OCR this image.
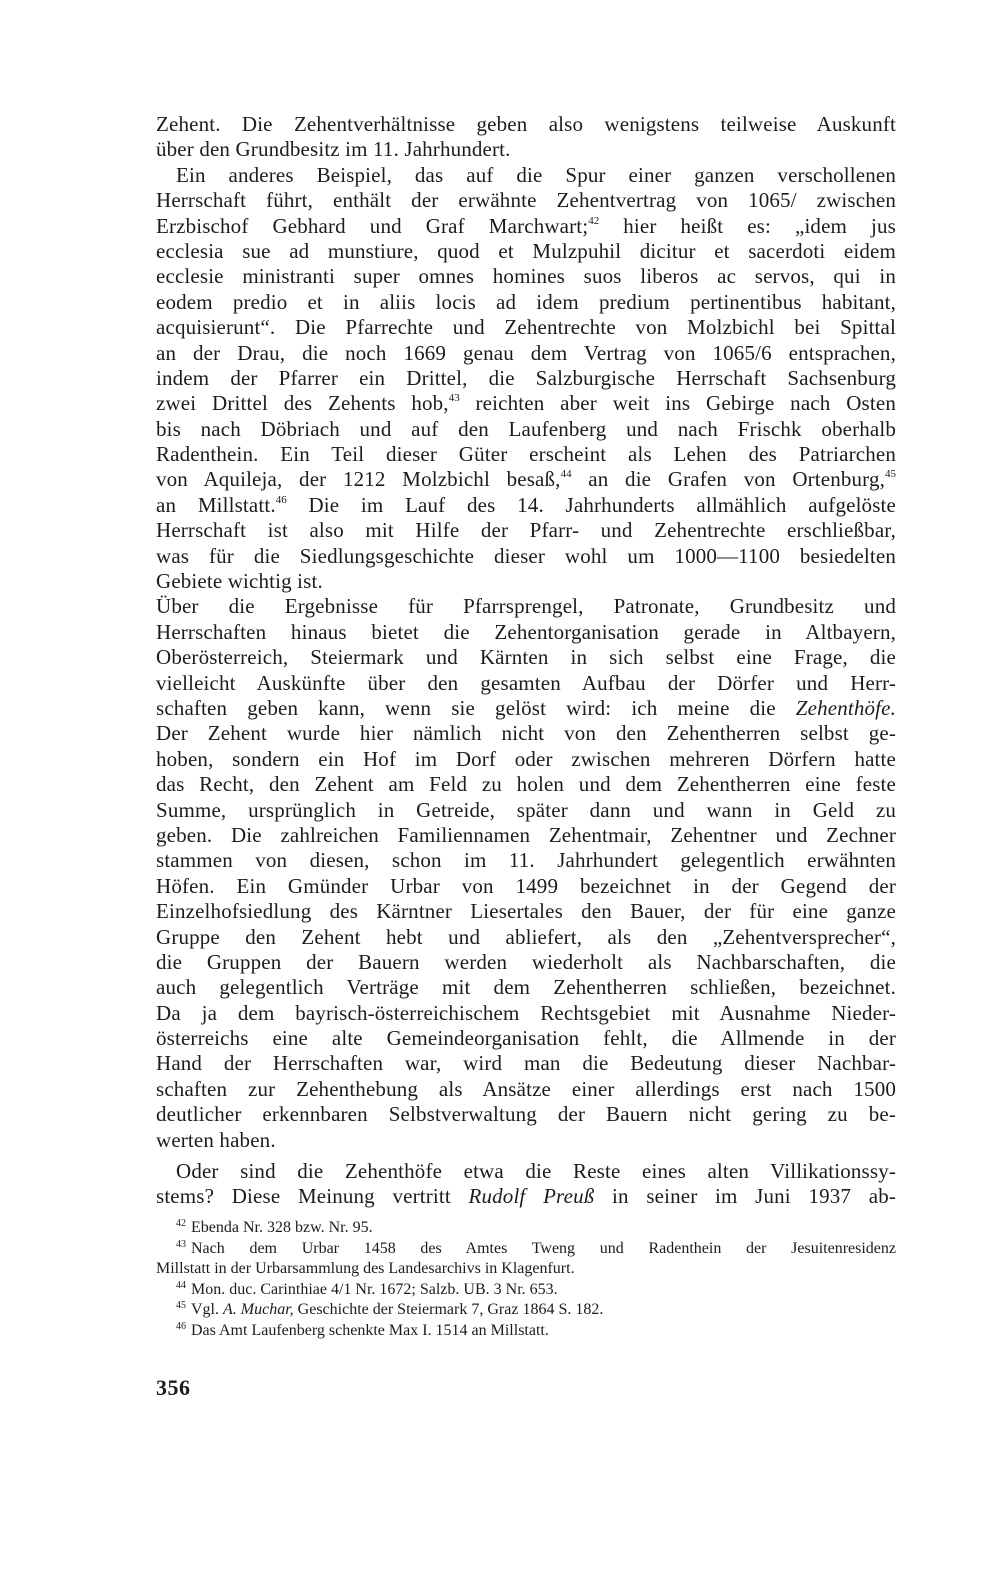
Zehent. Die Zehentverhältnisse geben also wenigstens teilweise Auskunft
über den Grundbesitz im 11. Jahrhundert.
Ein anderes Beispiel, das auf die Spur einer ganzen verschollenen
Herrschaft führt, enthält der erwähnte Zehentvertrag von 1065/ zwischen
Erzbischof Gebhard und Graf Marchwart;$^{42}$ hier heißt es: „idem jus
ecclesia sue ad munstiure, quod et Mulzpuhil dicitur et sacerdoti eidem
ecclesie ministranti super omnes homines suos liberos ac servos, qui in
eodem predio et in aliis locis ad idem predium pertinentibus habitant,
acquisierunt“. Die Pfarrechte und Zehentrechte von Molzbichl bei Spittal
an der Drau, die noch 1669 genau dem Vertrag von 1065/6 entsprachen,
indem der Pfarrer ein Drittel, die Salzburgische Herrschaft Sachsenburg
zwei Drittel des Zehents hob,$^{43}$ reichten aber weit ins Gebirge nach Osten
bis nach Döbriach und auf den Laufenberg und nach Frischk oberhalb
Radenthein. Ein Teil dieser Güter erscheint als Lehen des Patriarchen
von Aquileja, der 1212 Molzbichl besaß,$^{44}$ an die Grafen von Ortenburg,$^{45}$
an Millstatt.$^{46}$ Die im Lauf des 14. Jahrhunderts allmählich aufgelöste
Herrschaft ist also mit Hilfe der Pfarr- und Zehentrechte erschließbar,
was für die Siedlungsgeschichte dieser wohl um 1000—1100 besiedelten
Gebiete wichtig ist.
Über die Ergebnisse für Pfarrsprengel, Patronate, Grundbesitz und
Herrschaften hinaus bietet die Zehentorganisation gerade in Altbayern,
Oberösterreich, Steiermark und Kärnten in sich selbst eine Frage, die
vielleicht Auskünfte über den gesamten Aufbau der Dörfer und Herr-
schaften geben kann, wenn sie gelöst wird: ich meine die Zehenthöfe.
Der Zehent wurde hier nämlich nicht von den Zehentherren selbst ge-
hoben, sondern ein Hof im Dorf oder zwischen mehreren Dörfern hatte
das Recht, den Zehent am Feld zu holen und dem Zehentherren eine feste
Summe, ursprünglich in Getreide, später dann und wann in Geld zu
geben. Die zahlreichen Familiennamen Zehentmair, Zehentner und Zechner
stammen von diesen, schon im 11. Jahrhundert gelegentlich erwähnten
Höfen. Ein Gmünder Urbar von 1499 bezeichnet in der Gegend der
Einzelhofsiedlung des Kärntner Liesertales den Bauer, der für eine ganze
Gruppe den Zehent hebt und abliefert, als den „Zehentversprecher“,
die Gruppen der Bauern werden wiederholt als Nachbarschaften, die
auch gelegentlich Verträge mit dem Zehentherren schließen, bezeichnet.
Da ja dem bayrisch-österreichischem Rechtsgebiet mit Ausnahme Nieder-
österreichs eine alte Gemeindeorganisation fehlt, die Allmende in der
Hand der Herrschaften war, wird man die Bedeutung dieser Nachbar-
schaften zur Zehenthebung als Ansätze einer allerdings erst nach 1500
deutlicher erkennbaren Selbstverwaltung der Bauern nicht gering zu be-
werten haben.
Oder sind die Zehenthöfe etwa die Reste eines alten Villikationssy-
stems? Diese Meinung vertritt Rudolf Preuß in seiner im Juni 1937 ab-
$^{42}$ Ebenda Nr. 328 bzw. Nr. 95.
$^{43}$ Nach dem Urbar 1458 des Amtes Tweng und Radenthein der Jesuitenresidenz
Millstatt in der Urbarsammlung des Landesarchivs in Klagenfurt.
$^{44}$ Mon. duc. Carinthiae 4/1 Nr. 1672; Salzb. UB. 3 Nr. 653.
$^{45}$ Vgl. A. Muchar, Geschichte der Steiermark 7, Graz 1864 S. 182.
$^{46}$ Das Amt Laufenberg schenkte Max I. 1514 an Millstatt.
356
